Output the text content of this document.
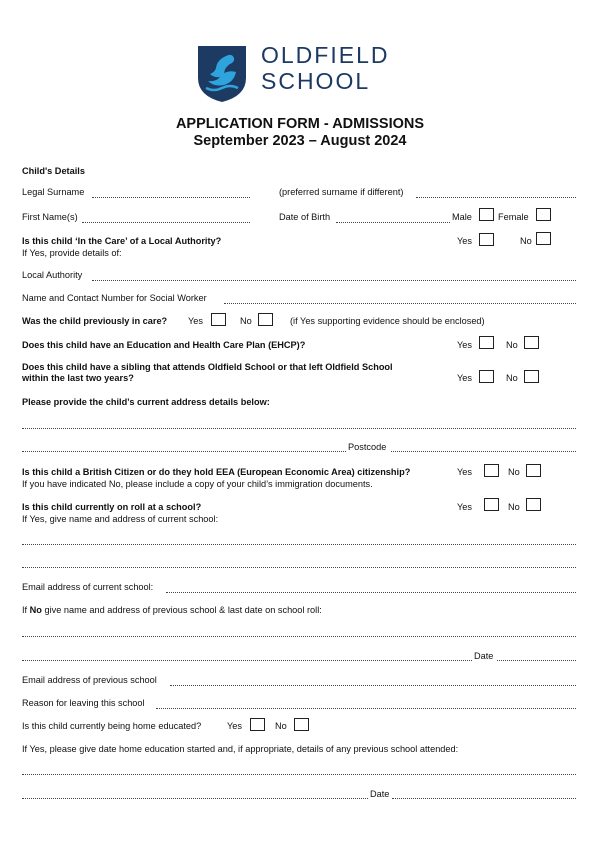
OLDFIELD
SCHOOL
APPLICATION FORM - ADMISSIONS
September 2023 – August 2024
Child's Details
Legal Surname	(preferred surname if different)
First Name(s)	Date of Birth	Male	Female
Is this child ‘In the Care’ of a Local Authority?
If Yes, provide details of:
Yes	No
Local Authority
Name and Contact Number for Social Worker
Was the child previously in care? Yes	No	(if Yes supporting evidence should be enclosed)
Does this child have an Education and Health Care Plan (EHCP)?	Yes	No
Does this child have a sibling that attends Oldfield School or that left Oldfield School
within the last two years?	Yes	No
Please provide the child’s current address details below:
Postcode
Is this child a British Citizen or do they hold EEA (European Economic Area) citizenship?
If you have indicated No, please include a copy of your child’s immigration documents.
Yes	No
Is this child currently on roll at a school?
If Yes, give name and address of current school:
Yes	No
Email address of current school:
If No give name and address of previous school & last date on school roll:
Date
Email address of previous school
Reason for leaving this school
Is this child currently being home educated?	Yes	No
If Yes, please give date home education started and, if appropriate, details of any previous school attended:
Date
